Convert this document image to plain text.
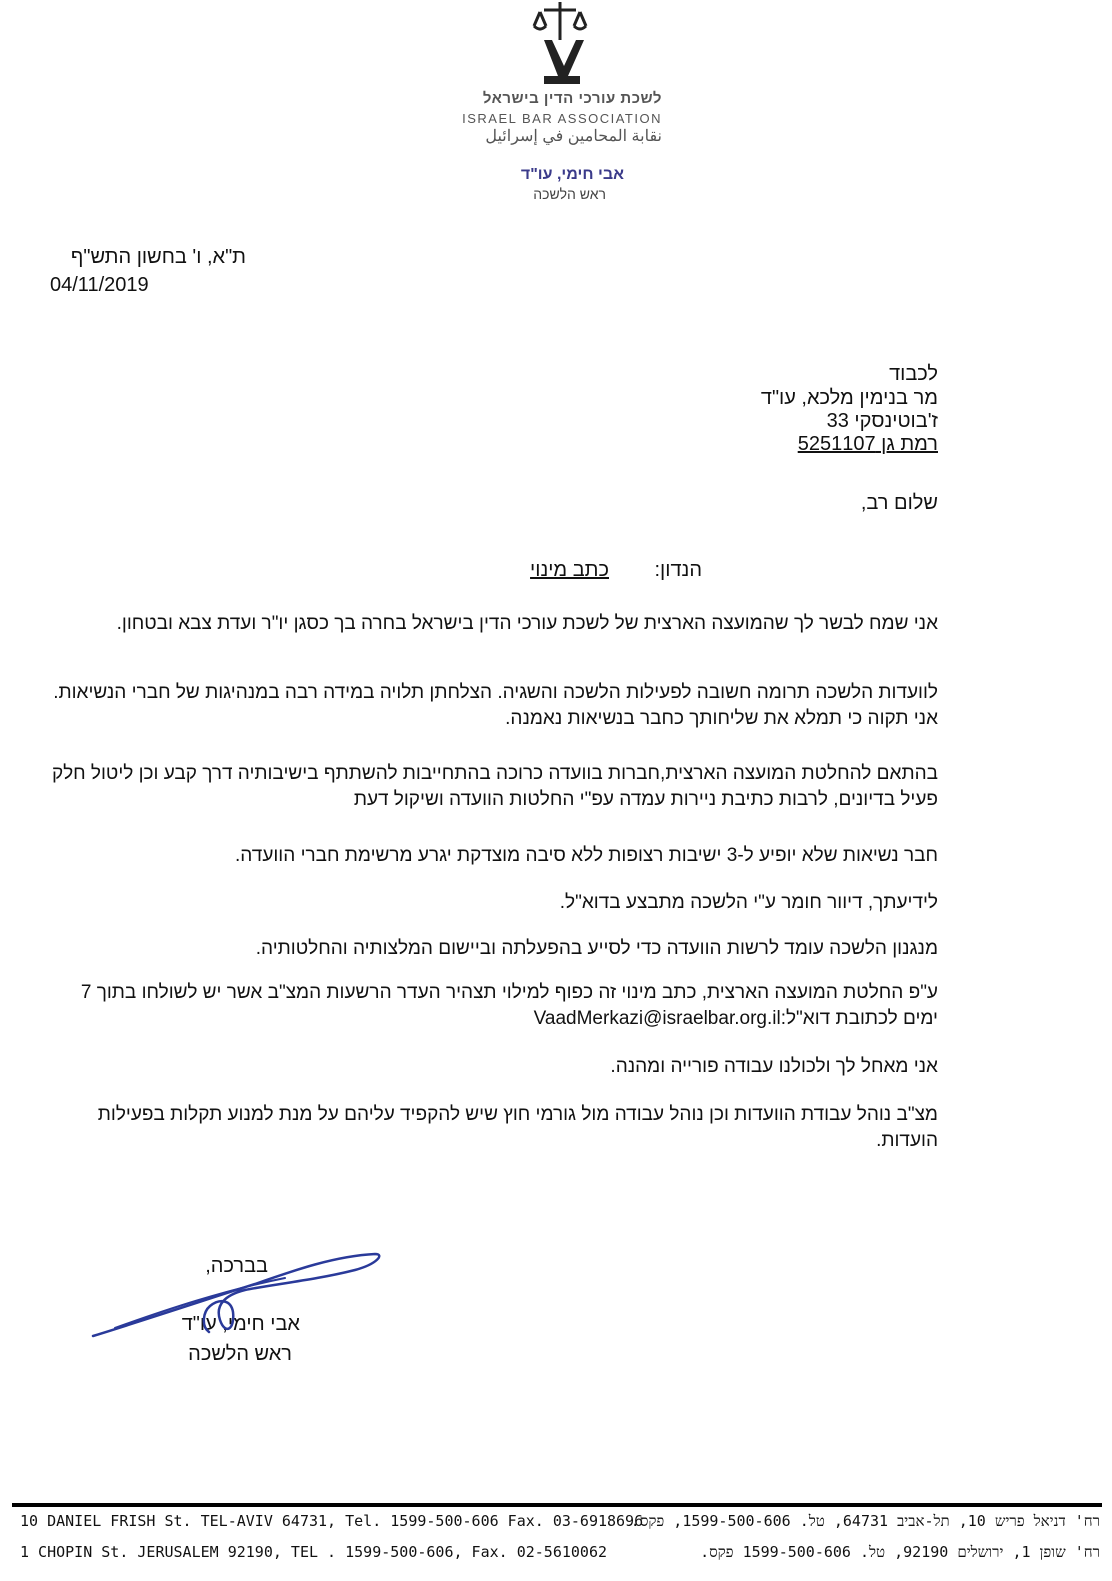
לשכת עורכי הדין בישראל
ISRAEL BAR ASSOCIATION
نقابة المحامين في إسرائيل
אבי חימי, עו"ד
ראש הלשכה
ת"א, ו' בחשון התש"ף
04/11/2019
לכבוד
מר בנימין מלכא, עו"ד
ז'בוטינסקי 33
רמת גן 5251107
שלום רב,
הנדון:
כתב מינוי
אני שמח לבשר לך שהמועצה הארצית של לשכת עורכי הדין בישראל בחרה בך כסגן יו"ר ועדת צבא ובטחון.
לוועדות הלשכה תרומה חשובה לפעילות הלשכה והשגיה. הצלחתן תלויה במידה רבה במנהיגות של חברי הנשיאות. אני תקוה כי תמלא את שליחותך כחבר בנשיאות נאמנה.
בהתאם להחלטת המועצה הארצית,חברות בוועדה כרוכה בהתחייבות להשתתף בישיבותיה דרך קבע וכן ליטול חלק פעיל בדיונים, לרבות כתיבת ניירות עמדה עפ"י החלטות הוועדה ושיקול דעת
חבר נשיאות שלא יופיע ל-3 ישיבות רצופות ללא סיבה מוצדקת יגרע מרשימת חברי הוועדה.
לידיעתך, דיוור חומר ע"י הלשכה מתבצע בדוא"ל.
מנגנון הלשכה עומד לרשות הוועדה כדי לסייע בהפעלתה וביישום המלצותיה והחלטותיה.
ע"פ החלטת המועצה הארצית, כתב מינוי זה כפוף למילוי תצהיר העדר הרשעות המצ"ב אשר יש לשולחו בתוך 7 ימים לכתובת דוא"ל:VaadMerkazi@israelbar.org.il
אני מאחל לך ולכולנו עבודה פורייה ומהנה.
מצ"ב נוהל עבודת הוועדות וכן נוהל עבודה מול גורמי חוץ שיש להקפיד עליהם על מנת למנוע תקלות בפעילות הועדות.
בברכה,
אבי חימי, עו"ד
ראש הלשכה
10 DANIEL FRISH St. TEL-AVIV 64731, Tel. 1599-500-606 Fax. 03-6918696
רח' דניאל פריש 10, תל-אביב 64731, טל. 1599-500-606, פקס.
1 CHOPIN St. JERUSALEM 92190, TEL . 1599-500-606, Fax. 02-5610062	רח' שופן 1, ירושלים 92190, טל. 1599-500-606 פקס.
